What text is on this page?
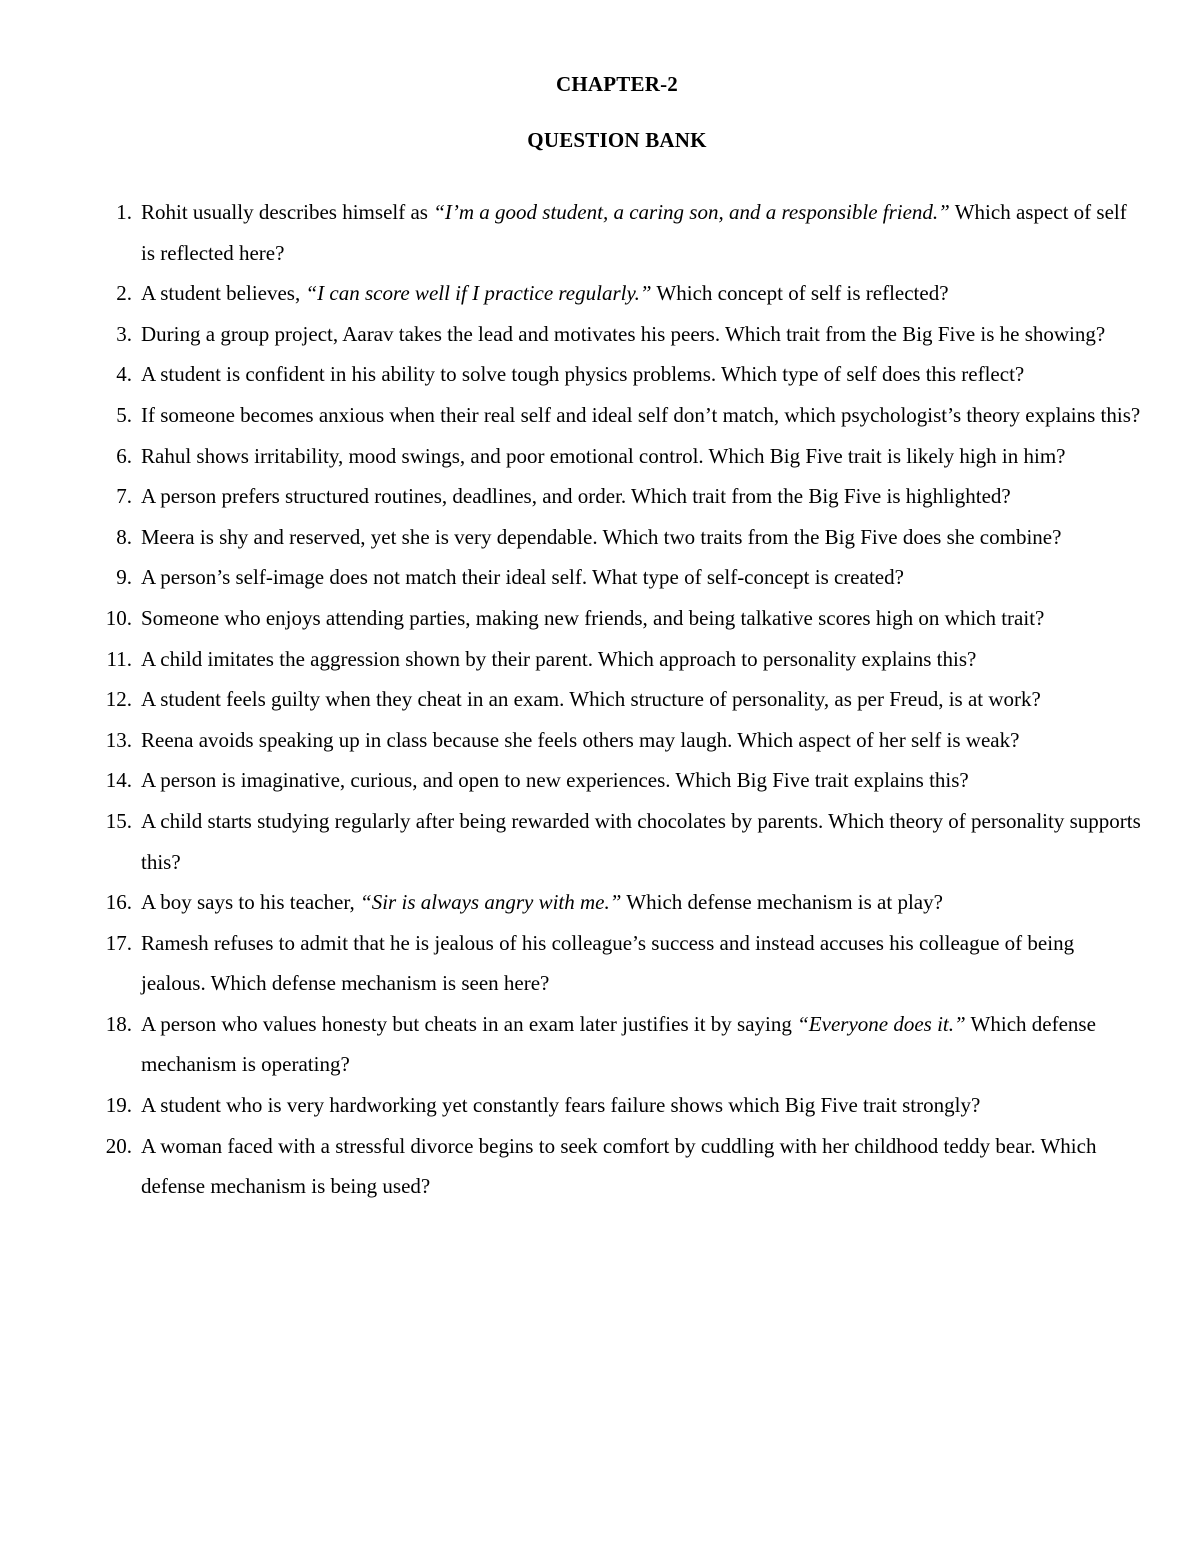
CHAPTER-2
QUESTION BANK
1. Rohit usually describes himself as “I’m a good student, a caring son, and a responsible friend.” Which aspect of self is reflected here?
2. A student believes, “I can score well if I practice regularly.” Which concept of self is reflected?
3. During a group project, Aarav takes the lead and motivates his peers. Which trait from the Big Five is he showing?
4. A student is confident in his ability to solve tough physics problems. Which type of self does this reflect?
5. If someone becomes anxious when their real self and ideal self don’t match, which psychologist’s theory explains this?
6. Rahul shows irritability, mood swings, and poor emotional control. Which Big Five trait is likely high in him?
7. A person prefers structured routines, deadlines, and order. Which trait from the Big Five is highlighted?
8. Meera is shy and reserved, yet she is very dependable. Which two traits from the Big Five does she combine?
9. A person’s self-image does not match their ideal self. What type of self-concept is created?
10. Someone who enjoys attending parties, making new friends, and being talkative scores high on which trait?
11. A child imitates the aggression shown by their parent. Which approach to personality explains this?
12. A student feels guilty when they cheat in an exam. Which structure of personality, as per Freud, is at work?
13. Reena avoids speaking up in class because she feels others may laugh. Which aspect of her self is weak?
14. A person is imaginative, curious, and open to new experiences. Which Big Five trait explains this?
15. A child starts studying regularly after being rewarded with chocolates by parents. Which theory of personality supports this?
16. A boy says to his teacher, “Sir is always angry with me.” Which defense mechanism is at play?
17. Ramesh refuses to admit that he is jealous of his colleague’s success and instead accuses his colleague of being jealous. Which defense mechanism is seen here?
18. A person who values honesty but cheats in an exam later justifies it by saying “Everyone does it.” Which defense mechanism is operating?
19. A student who is very hardworking yet constantly fears failure shows which Big Five trait strongly?
20. A woman faced with a stressful divorce begins to seek comfort by cuddling with her childhood teddy bear. Which defense mechanism is being used?
